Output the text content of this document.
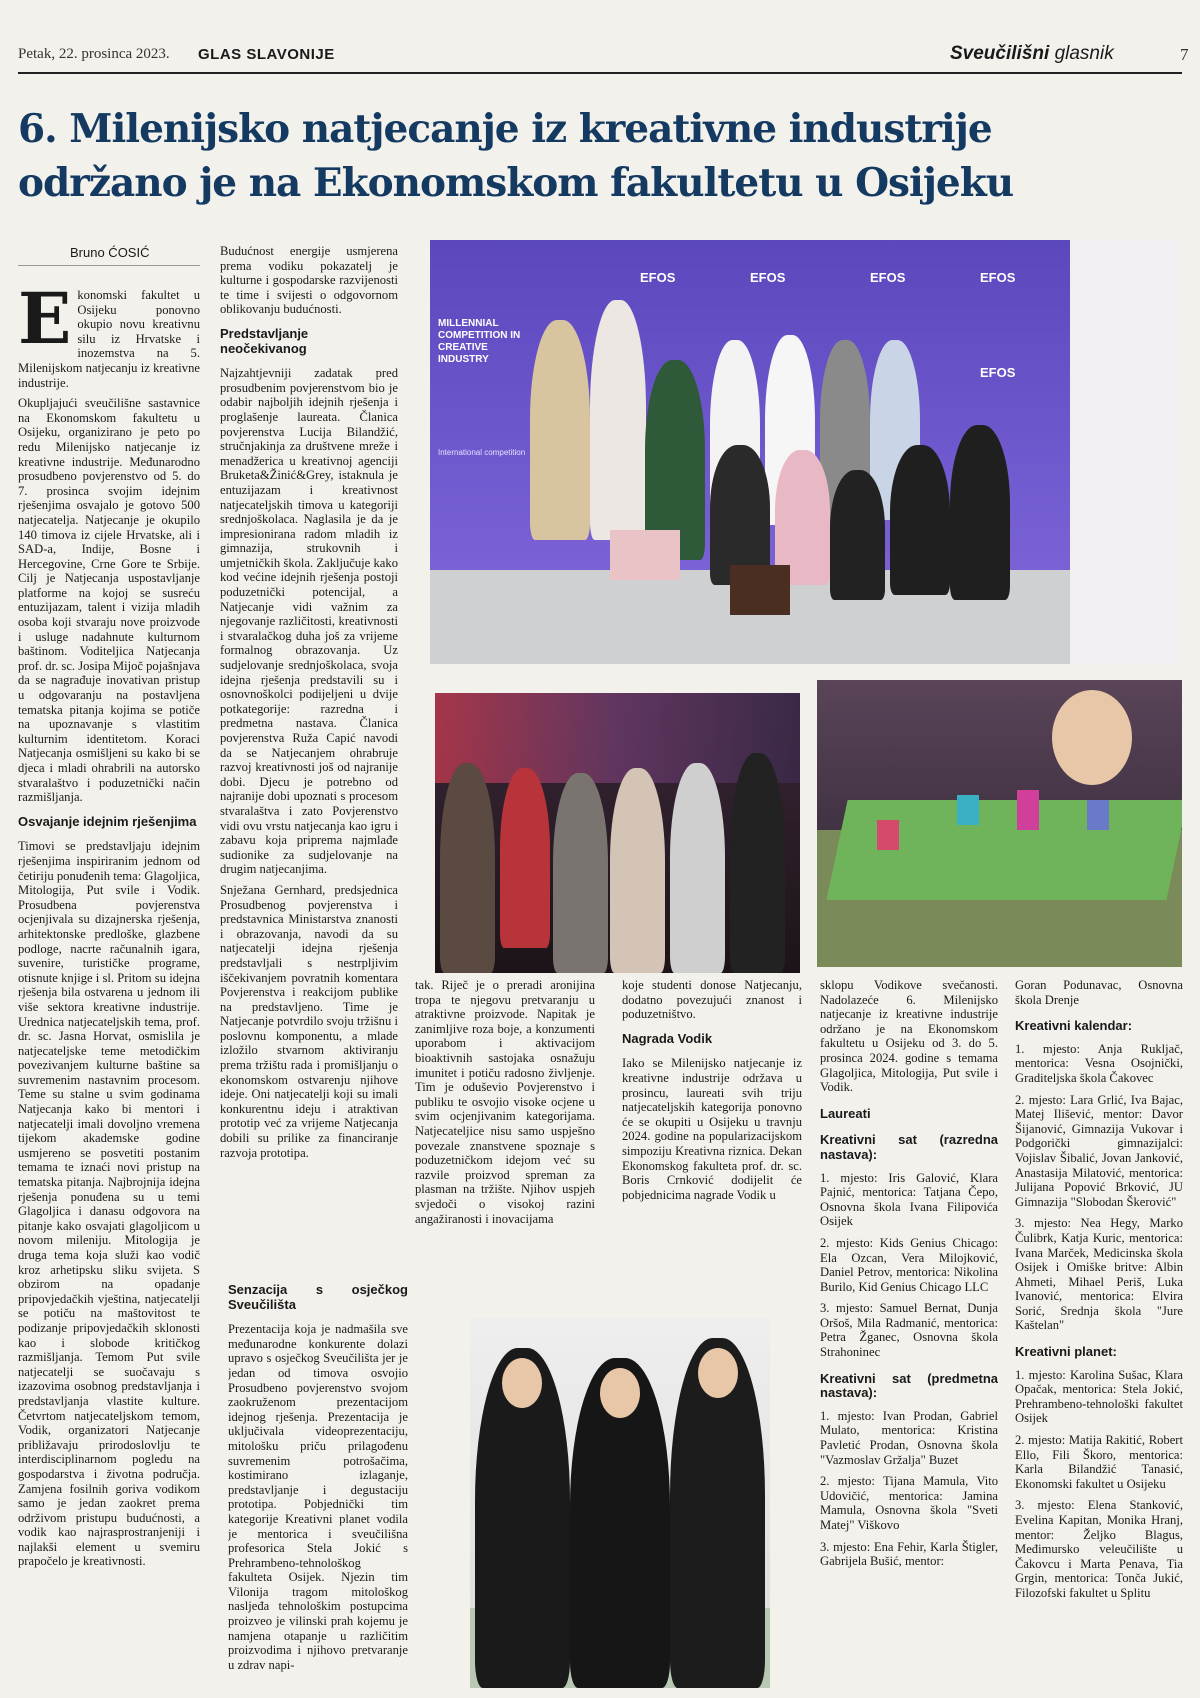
Petak, 22. prosinca 2023. GLAS SLAVONIJE	Sveučilišni glasnik	7
6. Milenijsko natjecanje iz kreativne industrije
održano je na Ekonomskom fakultetu u Osijeku
Bruno ĆOSIĆ
E konomski fakultet u Osijeku ponovno okupio novu kreativnu silu iz Hrvatske i inozemstva na 5. Milenijskom natjecanju iz kreativne industrije.

Okupljajući sveučilišne sastavnice na Ekonomskom fakultetu u Osijeku, organizirano je peto po redu Milenijsko natjecanje iz kreativne industrije. Međunarodno prosudbeno povjerenstvo od 5. do 7. prosinca svojim idejnim rješenjima osvajalo je gotovo 500 natjecatelja. Natjecanje je okupilo 140 timova iz cijele Hrvatske, ali i SAD-a, Indije, Bosne i Hercegovine, Crne Gore te Srbije. Cilj je Natjecanja uspostavljanje platforme na kojoj se susreću entuzijazam, talent i vizija mladih osoba koji stvaraju nove proizvode i usluge nadahnute kulturnom baštinom. Voditeljica Natjecanja prof. dr. sc. Josipa Mijoč pojašnjava da se nagrađuje inovativan pristup u odgovaranju na postavljena tematska pitanja kojima se potiče na upoznavanje s vlastitim kulturnim identitetom. Koraci Natjecanja osmišljeni su kako bi se djeca i mladi ohrabrili na autorsko stvaralaštvo i poduzetnički način razmišljanja.

Osvajanje idejnim rješenjima

Timovi se predstavljaju idejnim rješenjima inspiriranim jednom od četiriju ponuđenih tema: Glagoljica, Mitologija, Put svile i Vodik. Prosudbena povjerenstva ocjenjivala su dizajnerska rješenja, arhitektonske predloške, glazbene podloge, nacrte računalnih igara, suvenire, turističke programe, otisnute knjige i sl. Pritom su idejna rješenja bila ostvarena u jednom ili više sektora kreativne industrije. Urednica natjecateljskih tema, prof. dr. sc. Jasna Horvat, osmislila je natjecateljske teme metodičkim povezivanjem kulturne baštine sa suvremenim nastavnim procesom. Teme su stalne u svim godinama Natjecanja kako bi mentori i natjecatelji imali dovoljno vremena tijekom akademske godine usmjereno se posvetiti postanim temama te iznaći novi pristup na tematska pitanja. Najbrojnija idejna rješenja ponuđena su u temi Glagoljica i danasu odgovora na pitanje kako osvajati glagoljicom u novom mileniju. Mitologija je druga tema koja služi kao vodič kroz arhetipsku sliku svijeta. S obzirom na opadanje pripovjedačkih vještina, natjecatelji se potiču na maštovitost te podizanje pripovjedačkih sklonosti kao i slobode kritičkog razmišljanja. Temom Put svile natjecatelji se suočavaju s izazovima osobnog predstavljanja i predstavljanja vlastite kulture. Četvrtom natjecateljskom temom, Vodik, organizatori Natjecanje približavaju prirodoslovlju te interdisciplinarnom pogledu na gospodarstva i životna područja. Zamjena fosilnih goriva vodikom samo je jedan zaokret prema održivom pristupu budućnosti, a vodik kao najrasprostranjeniji i najlakši element u svemiru prapočelo je kreativnosti.

Budućnost energije usmjerena prema vodiku pokazatelj je kulturne i gospodarske razvijenosti te time i svijesti o odgovornom oblikovanju budućnosti.

Predstavljanje neočekivanog

Najzahtjevniji zadatak pred prosudbenim povjerenstvom bio je odabir najboljih idejnih rješenja i proglašenje laureata. Članica povjerenstva Lucija Bilandžić, stručnjakinja za društvene mreže i menadžerica u kreativnoj agenciji Bruketa&Žinić&Grey, istaknula je entuzijazam i kreativnost natjecateljskih timova u kategoriji srednjoškolaca. Naglasila je da je impresionirana radom mladih iz gimnazija, strukovnih i umjetničkih škola. Zaključuje kako kod većine idejnih rješenja postoji poduzetnički potencijal, a Natjecanje vidi važnim za njegovanje različitosti, kreativnosti i stvaralačkog duha još za vrijeme formalnog obrazovanja. Uz sudjelovanje srednjoškolaca, svoja idejna rješenja predstavili su i osnovnoškolci podijeljeni u dvije potkategorije: razredna i predmetna nastava. Članica povjerenstva Ruža Capić navodi da se Natjecanjem ohrabruje razvoj kreativnosti još od najranije dobi. Djecu je potrebno od najranije dobi upoznati s procesom stvaralaštva i zato Povjerenstvo vidi ovu vrstu natjecanja kao igru i zabavu koja priprema najmlađe sudionike za sudjelovanje na drugim natjecanjima.

Snježana Gernhard, predsjednica Prosudbenog povjerenstva i predstavnica Ministarstva znanosti i obrazovanja, navodi da su natjecatelji idejna rješenja predstavljali s nestrpljivim iščekivanjem povratnih komentara Povjerenstva i reakcijom publike na predstavljeno. Time je Natjecanje potvrdilo svoju tržišnu i poslovnu komponentu, a mlade izložilo stvarnom aktiviranju prema tržištu rada i promišljanju o ekonomskom ostvarenju njihove ideje. Oni natjecatelji koji su imali konkurentnu ideju i atraktivan prototip već za vrijeme Natjecanja dobili su prilike za financiranje razvoja prototipa.

tak. Riječ je o preradi aronijina tropa te njegovu pretvaranju u atraktivne proizvode. Napitak je zanimljive roza boje, a konzumenti uporabom i aktivacijom bioaktivnih sastojaka osnažuju imunitet i potiču radosno življenje. Tim je oduševio Povjerenstvo i publiku te osvojio visoke ocjene u svim ocjenjivanim kategorijama. Natjecateljice nisu samo uspješno povezale znanstvene spoznaje s poduzetničkom idejom već su razvile proizvod spreman za plasman na tržište. Njihov uspjeh svjedoči o visokoj razini angažiranosti i inovacijama

Senzacija s osječkog Sveučilišta

Prezentacija koja je nadmašila sve međunarodne konkurente dolazi upravo s osječkog Sveučilišta jer je jedan od timova osvojio Prosudbeno povjerenstvo svojom zaokruženom prezentacijom idejnog rješenja. Prezentacija je uključivala videoprezentaciju, mitološku priču prilagođenu suvremenim potrošačima, kostimirano izlaganje, predstavljanje i degustaciju prototipa. Pobjednički tim kategorije Kreativni planet vodila je mentorica i sveučilišna profesorica Stela Jokić s Prehrambeno-tehnološkog fakulteta Osijek. Njezin tim Vilonija tragom mitološkog nasljeđa tehnološkim postupcima proizveo je vilinski prah kojemu je namjena otapanje u različitim proizvodima i njihovo pretvaranje u zdrav napi-

koje studenti donose Natjecanju, dodatno povezujući znanost i poduzetništvo.

Nagrada Vodik

Iako se Milenijsko natjecanje iz kreativne industrije održava u prosincu, laureati svih triju natjecateljskih kategorija ponovno će se okupiti u Osijeku u travnju 2024. godine na popularizacijskom simpoziju Kreativna riznica. Dekan Ekonomskog fakulteta prof. dr. sc. Boris Crnković dodijelit će pobjednicima nagrade Vodik u

sklopu Vodikove svečanosti. Nadolazeće 6. Milenijsko natjecanje iz kreativne industrije održano je na Ekonomskom fakultetu u Osijeku od 3. do 5. prosinca 2024. godine s temama Glagoljica, Mitologija, Put svile i Vodik.

Laureati
Kreativni sat (razredna nastava):

1. mjesto: Iris Galović, Klara Pajnić, mentorica: Tatjana Čepo, Osnovna škola Ivana Filipovića Osijek

2. mjesto: Kids Genius Chicago: Ela Ozcan, Vera Milojković, Daniel Petrov, mentorica: Nikolina Burilo, Kid Genius Chicago LLC

3. mjesto: Samuel Bernat, Dunja Oršoš, Mila Radmanić, mentorica: Petra Žganec, Osnovna škola Strahoninec

Kreativni sat (predmetna nastava):

1. mjesto: Ivan Prodan, Gabriel Mulato, mentorica: Kristina Pavletić Prodan, Osnovna škola "Vazmoslav Gržalja" Buzet

2. mjesto: Tijana Mamula, Vito Udovičić, mentorica: Jamina Mamula, Osnovna škola "Sveti Matej" Viškovo

3. mjesto: Ena Fehir, Karla Štigler, Gabrijela Bušić, mentor:

Goran Podunavac, Osnovna škola Drenje

Kreativni kalendar:

1. mjesto: Anja Rukljač, mentorica: Vesna Osojnički, Graditeljska škola Čakovec

2. mjesto: Lara Grlić, Iva Bajac, Matej Ilišević, mentor: Davor Šijanović, Gimnazija Vukovar i Podgorički gimnazijalci: Vojislav Šibalić, Jovan Janković, Anastasija Milatović, mentorica: Julijana Popović Brković, JU Gimnazija "Slobodan Škerović"

3. mjesto: Nea Hegy, Marko Čulibrk, Katja Kuric, mentorica: Ivana Marček, Medicinska škola Osijek i Omiške britve: Albin Ahmeti, Mihael Periš, Luka Ivanović, mentorica: Elvira Sorić, Srednja škola "Jure Kaštelan"

Kreativni planet:

1. mjesto: Karolina Sušac, Klara Opačak, mentorica: Stela Jokić, Prehrambeno-tehnološki fakultet Osijek

2. mjesto: Matija Rakitić, Robert Ello, Fili Škoro, mentorica: Karla Bilandžić Tanasić, Ekonomski fakultet u Osijeku

3. mjesto: Elena Stanković, Evelina Kapitan, Monika Hranj, mentor: Željko Blagus, Međimursko veleučilište u Čakovcu i Marta Penava, Tia Grgin, mentorica: Tonča Jukić, Filozofski fakultet u Splitu

MILLENNIAL
COMPETITION IN
CREATIVE
INDUSTRY
International competition
EFOS	EFOS	EFOS	EFOS
EFOS
